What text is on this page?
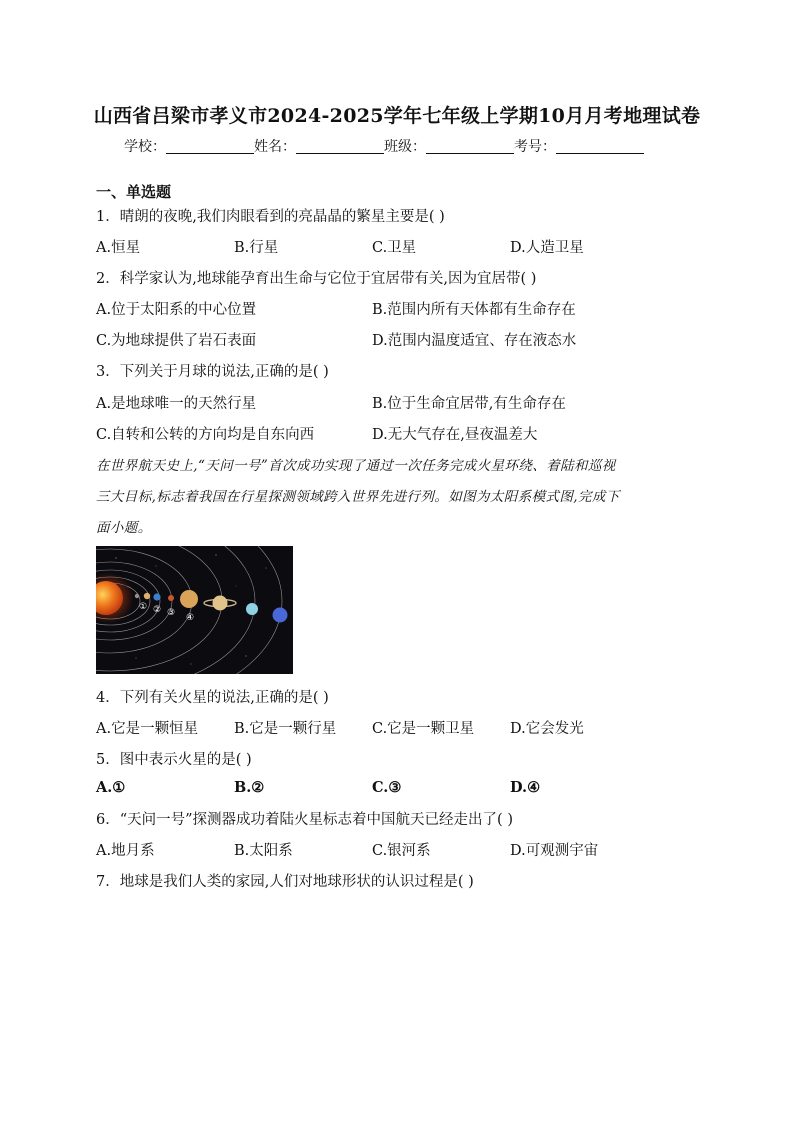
山西省吕梁市孝义市2024-2025学年七年级上学期10月月考地理试卷
学校：	姓名：	班级：	考号：
一、单选题
1．晴朗的夜晚,我们肉眼看到的亮晶晶的繁星主要是( )
A.恒星	B.行星	C.卫星	D.人造卫星
2．科学家认为,地球能孕育出生命与它位于宜居带有关,因为宜居带( )
A.位于太阳系的中心位置	B.范围内所有天体都有生命存在
C.为地球提供了岩石表面	D.范围内温度适宜、存在液态水
3．下列关于月球的说法,正确的是( )
A.是地球唯一的天然行星	B.位于生命宜居带,有生命存在
C.自转和公转的方向均是自东向西	D.无大气存在,昼夜温差大

在世界航天史上,“天问一号”首次成功实现了通过一次任务完成火星环绕、着陆和巡视

三大目标,标志着我国在行星探测领域跨入世界先进行列。如图为太阳系模式图,完成下

面小题。

① ② ③ ④
4．下列有关火星的说法,正确的是( )
A.它是一颗恒星 B.它是一颗行星 C.它是一颗卫星 D.它会发光
5．图中表示火星的是( )
A.①	B.②	C.③	D.④
6．“天问一号”探测器成功着陆火星标志着中国航天已经走出了( )
A.地月系	B.太阳系	C.银河系	D.可观测宇宙
7．地球是我们人类的家园,人们对地球形状的认识过程是( )
